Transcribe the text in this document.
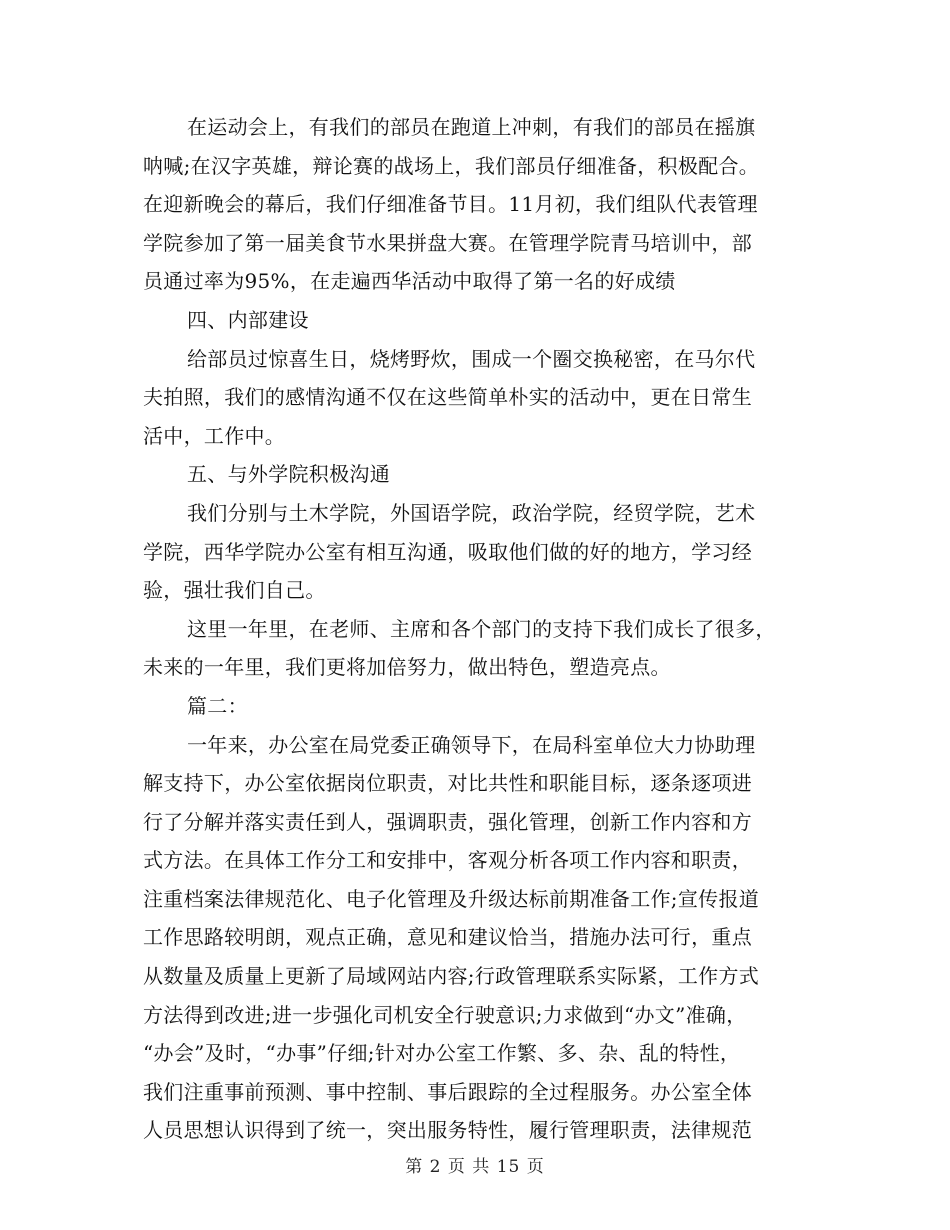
在运动会上，有我们的部员在跑道上冲刺，有我们的部员在摇旗
呐喊;在汉字英雄，辩论赛的战场上，我们部员仔细准备，积极配合。
在迎新晚会的幕后，我们仔细准备节目。11月初，我们组队代表管理
学院参加了第一届美食节水果拼盘大赛。在管理学院青马培训中，部
员通过率为95%，在走遍西华活动中取得了第一名的好成绩
四、内部建设
给部员过惊喜生日，烧烤野炊，围成一个圈交换秘密，在马尔代
夫拍照，我们的感情沟通不仅在这些简单朴实的活动中，更在日常生
活中，工作中。
五、与外学院积极沟通
我们分别与土木学院，外国语学院，政治学院，经贸学院，艺术
学院，西华学院办公室有相互沟通，吸取他们做的好的地方，学习经
验，强壮我们自己。
这里一年里，在老师、主席和各个部门的支持下我们成长了很多，
未来的一年里，我们更将加倍努力，做出特色，塑造亮点。
篇二：
一年来，办公室在局党委正确领导下，在局科室单位大力协助理
解支持下，办公室依据岗位职责，对比共性和职能目标，逐条逐项进
行了分解并落实责任到人，强调职责，强化管理，创新工作内容和方
式方法。在具体工作分工和安排中，客观分析各项工作内容和职责，
注重档案法律规范化、电子化管理及升级达标前期准备工作;宣传报道
工作思路较明朗，观点正确，意见和建议恰当，措施办法可行，重点
从数量及质量上更新了局域网站内容;行政管理联系实际紧，工作方式
方法得到改进;进一步强化司机安全行驶意识;力求做到“办文”准确，
“办会”及时，“办事”仔细;针对办公室工作繁、多、杂、乱的特性，
我们注重事前预测、事中控制、事后跟踪的全过程服务。办公室全体
人员思想认识得到了统一，突出服务特性，履行管理职责，法律规范
第 2 页 共 15 页
